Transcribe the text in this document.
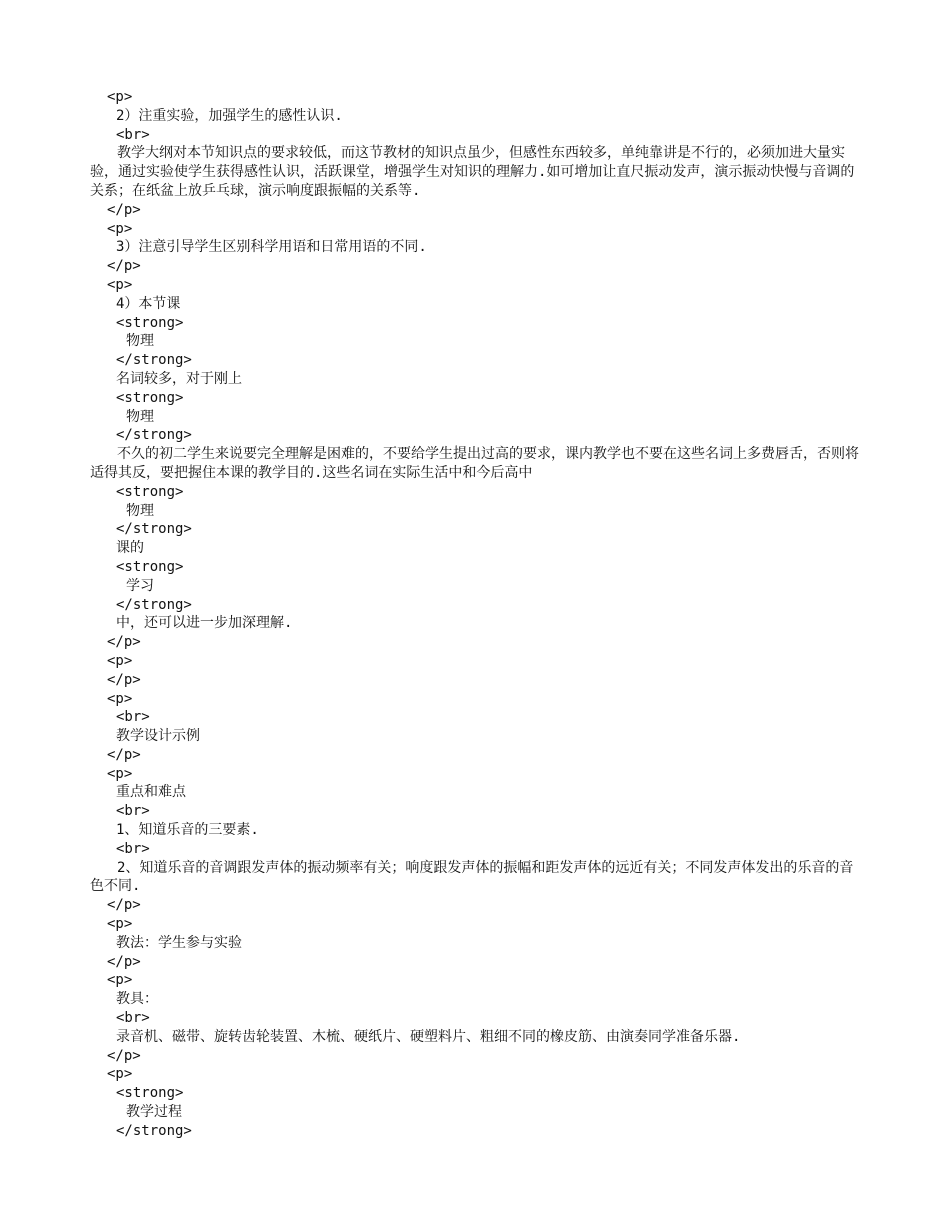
<p>
2）注重实验，加强学生的感性认识.
<br>
教学大纲对本节知识点的要求较低，而这节教材的知识点虽少，但感性东西较多，单纯靠讲是不行的，必须加进大量实验，通过实验使学生获得感性认识，活跃课堂，增强学生对知识的理解力.如可增加让直尺振动发声，演示振动快慢与音调的关系；在纸盆上放乒乓球，演示响度跟振幅的关系等.
</p>
<p>
3）注意引导学生区别科学用语和日常用语的不同.
</p>
<p>
4）本节课
<strong>
物理
</strong>
名词较多，对于刚上
<strong>
物理
</strong>
不久的初二学生来说要完全理解是困难的，不要给学生提出过高的要求，课内教学也不要在这些名词上多费唇舌，否则将适得其反，要把握住本课的教学目的.这些名词在实际生活中和今后高中
<strong>
物理
</strong>
课的
<strong>
学习
</strong>
中，还可以进一步加深理解.
</p>
<p>
</p>
<p>
<br>
教学设计示例
</p>
<p>
重点和难点
<br>
1、知道乐音的三要素.
<br>
2、知道乐音的音调跟发声体的振动频率有关；响度跟发声体的振幅和距发声体的远近有关；不同发声体发出的乐音的音色不同.
</p>
<p>
教法：学生参与实验
</p>
<p>
教具：
<br>
录音机、磁带、旋转齿轮装置、木梳、硬纸片、硬塑料片、粗细不同的橡皮筋、由演奏同学准备乐器.
</p>
<p>
<strong>
教学过程
</strong>
